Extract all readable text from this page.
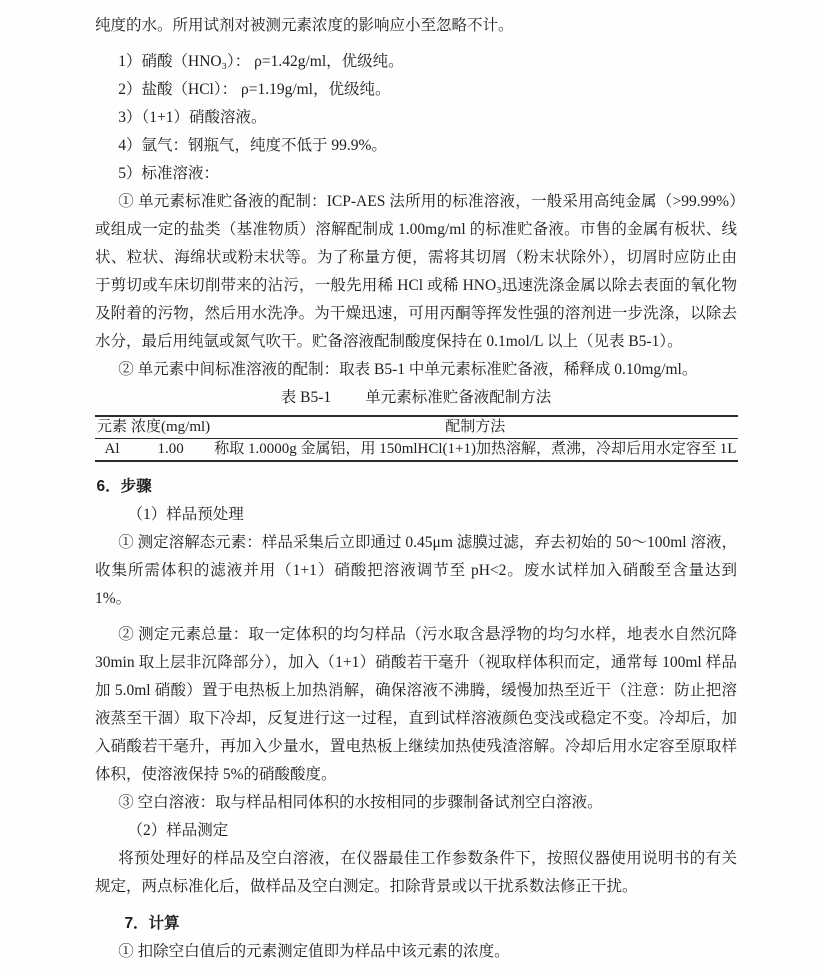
纯度的水。所用试剂对被测元素浓度的影响应小至忽略不计。

1）硝酸（HNO₃）： ρ=1.42g/ml，优级纯。

2）盐酸（HCl）： ρ=1.19g/ml，优级纯。

3）（1+1）硝酸溶液。

4）氩气：钢瓶气，纯度不低于 99.9%。

5）标准溶液：

① 单元素标准贮备液的配制：ICP-AES 法所用的标准溶液，一般采用高纯金属（>99.99%）或组成一定的盐类（基准物质）溶解配制成 1.00mg/ml 的标准贮备液。市售的金属有板状、线状、粒状、海绵状或粉末状等。为了称量方便，需将其切屑（粉末状除外），切屑时应防止由于剪切或车床切削带来的沾污，一般先用稀 HCl 或稀 HNO₃迅速洗涤金属以除去表面的氧化物及附着的污物，然后用水洗净。为干燥迅速，可用丙酮等挥发性强的溶剂进一步洗涤，以除去水分，最后用纯氩或氮气吹干。贮备溶液配制酸度保持在 0.1mol/L 以上（见表 B5-1）。

② 单元素中间标准溶液的配制：取表 B5-1 中单元素标准贮备液，稀释成 0.10mg/ml。

表 B5-1 单元素标准贮备液配制方法

元素	浓度(mg/ml)	配制方法
Al	1.00	称取 1.0000g 金属铝，用 150mlHCl(1+1)加热溶解，煮沸，冷却后用水定容至 1L

6．步骤

（1）样品预处理

① 测定溶解态元素：样品采集后立即通过 0.45μm 滤膜过滤，弃去初始的 50～100ml 溶液，收集所需体积的滤液并用（1+1）硝酸把溶液调节至 pH<2。废水试样加入硝酸至含量达到 1%。

② 测定元素总量：取一定体积的均匀样品（污水取含悬浮物的均匀水样，地表水自然沉降 30min 取上层非沉降部分），加入（1+1）硝酸若干毫升（视取样体积而定，通常每 100ml 样品加 5.0ml 硝酸）置于电热板上加热消解，确保溶液不沸腾，缓慢加热至近干（注意：防止把溶液蒸至干涸）取下冷却，反复进行这一过程，直到试样溶液颜色变浅或稳定不变。冷却后，加入硝酸若干毫升，再加入少量水，置电热板上继续加热使残渣溶解。冷却后用水定容至原取样体积，使溶液保持 5%的硝酸酸度。

③ 空白溶液：取与样品相同体积的水按相同的步骤制备试剂空白溶液。

（2）样品测定

将预处理好的样品及空白溶液，在仪器最佳工作参数条件下，按照仪器使用说明书的有关规定，两点标准化后，做样品及空白测定。扣除背景或以干扰系数法修正干扰。

7．计算

① 扣除空白值后的元素测定值即为样品中该元素的浓度。
